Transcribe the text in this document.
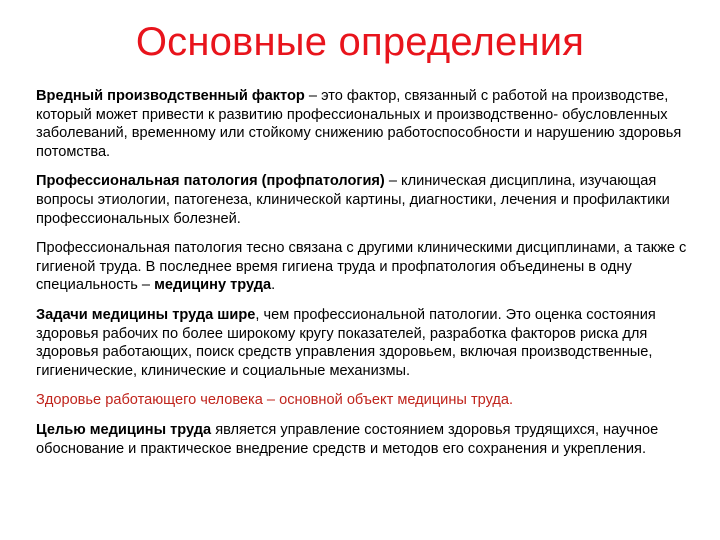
Основные определения

Вредный производственный фактор – это фактор, связанный с работой на производстве, который может привести к развитию профессиональных и производственно- обусловленных заболеваний, временному или стойкому снижению работоспособности и нарушению здоровья потомства.

Профессиональная патология (профпатология) – клиническая дисциплина, изучающая вопросы этиологии, патогенеза, клинической картины, диагностики, лечения и профилактики профессиональных болезней.

Профессиональная патология тесно связана с другими клиническими дисциплинами, а также с гигиеной труда. В последнее время гигиена труда и профпатология объединены в одну специальность – медицину труда.

Задачи медицины труда шире, чем профессиональной патологии. Это оценка состояния здоровья рабочих по более широкому кругу показателей, разработка факторов риска для здоровья работающих, поиск средств управления здоровьем, включая производственные, гигиенические, клинические и социальные механизмы.

Здоровье работающего человека – основной объект медицины труда.

Целью медицины труда является управление состоянием здоровья трудящихся, научное обоснование и практическое внедрение средств и методов его сохранения и укрепления.
